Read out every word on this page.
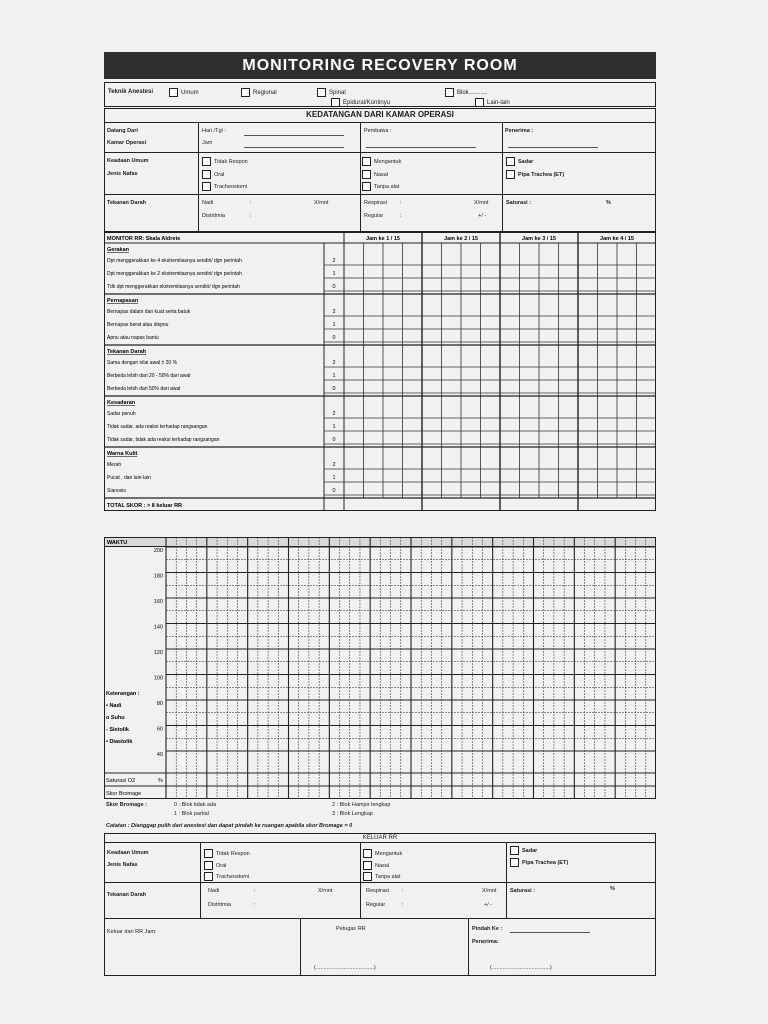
MONITORING RECOVERY ROOM
Teknik Anestesi	Umum	Regional	Spinal	Blok...........
Epidural/Kontinyu	Lain-lain
KEDATANGAN DARI KAMAR OPERASI
Datang Dari
Kamar Operasi
Hari /Tgl :
Jam
Pembawa :	Penerima :
Keadaan Umum
Jenis Nafas
Tidak Respon
Oral
Tracheostomi
Mengantuk
Nasal
Tanpa alat
Sadar
Pipa Trachea (ET)
Tekanan Darah	Nadi	:	X/mnt
Distritmia	:
Respirasi :	X/mnt
Regular	:	+/ -
Saturasi :	%
MONITOR RR: Skala Aldrete	Jam ke 1 / 15	Jam ke 2 / 15	Jam ke 3 / 15	Jam ke 4 / 15
Gerakan
Dpt menggerakkan ke 4 ekstremitasnya sendiri/ dgn perintah	2
Dpt menggerakkan ke 2 ekstremitasnya sendiri/ dgn perintah	1
Tdk dpt menggerakkan ekstremitasnya sendiri/ dgn perintah	0
Pernapasan
Bernapas dalam dan kuat serta batuk	2
Bernapas berat atau dispnu	1
Apnu atau napas bantu	0
Tekanan Darah
Sama dengan nilai awal ± 20 %	2
Berbeda lebih dari 20 - 50% dari awal	1
Berbeda lebih dari 50% dari awal	0
Kesadaran
Sadar penuh	2
Tidak sadar, ada reaksi terhadap rangsangan	1
Tidak sadar, tidak ada reaksi terhadap rangsangan	0
Warna Kulit
Merah	2
Pucat , dan lain-lain	1
Sianosis	0
TOTAL SKOR : > 8 keluar RR
WAKTU
200
180
160
140
120
100
80
60
40
Keterangan :
• Nadi
o Suhu
- Sistolik
• Diastolik
Saturasi O2	%
Skor Bromage
Skor Bromage :	0 : Blok tidak ada
1 : Blok partial
2 : Blok Hampir lengkap
3 : Blok Lengkap
Catatan : Dianggap pulih dari anestesi dan dapat pindah ke ruangan apabila skor Bromage = 0
KELUAR RR
Keadaan Umum
Jenis Nafas
Tidak Respon
Oral
Tracheostomi
Mengantuk
Nasal
Tanpa alat
Sadar
Pipa Trachea (ET)
Tekanan Darah
Nadi	:	X/mnt
Distritmia	:
Respirasi :	X/mnt
Regular	:	+/ -
Saturasi :	%
Keluar dari RR Jam:	Petugas RR
(......................................)
Pindah Ke :
Penerima:
(......................................)
